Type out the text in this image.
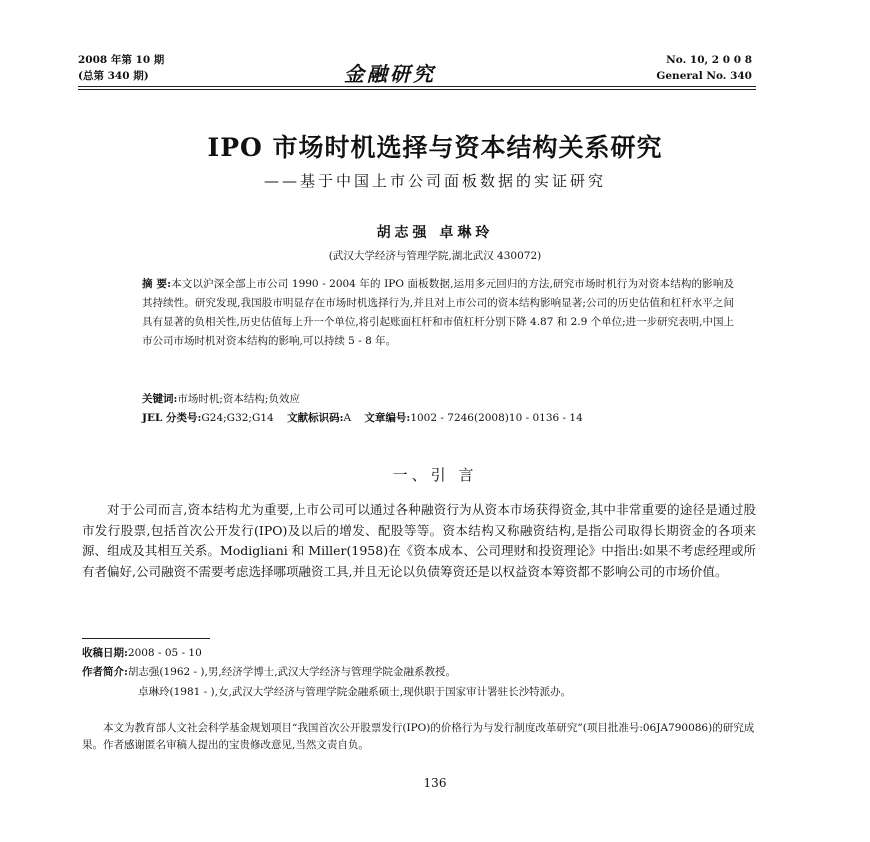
2008 年第 10 期
(总第 340 期)	金融研究
No. 10, 2 0 0 8
General No. 340
IPO 市场时机选择与资本结构关系研究
——基于中国上市公司面板数据的实证研究
胡志强 卓琳玲
(武汉大学经济与管理学院,湖北武汉 430072)
摘 要:本文以沪深全部上市公司 1990 - 2004 年的 IPO 面板数据,运用多元回归的方法,研究市场时机行为对资本结构的影响及其持续性。研究发现,我国股市明显存在市场时机选择行为,并且对上市公司的资本结构影响显著;公司的历史估值和杠杆水平之间具有显著的负相关性,历史估值每上升一个单位,将引起账面杠杆和市值杠杆分别下降 4.87 和 2.9 个单位;进一步研究表明,中国上市公司市场时机对资本结构的影响,可以持续 5 - 8 年。
关键词:市场时机;资本结构;负效应
JEL 分类号:G24;G32;G14 文献标识码:A 文章编号:1002 - 7246(2008)10 - 0136 - 14
一、引 言
对于公司而言,资本结构尤为重要,上市公司可以通过各种融资行为从资本市场获得资金,其中非常重要的途径是通过股市发行股票,包括首次公开发行(IPO)及以后的增发、配股等等。资本结构又称融资结构,是指公司取得长期资金的各项来源、组成及其相互关系。Modigliani 和 Miller(1958)在《资本成本、公司理财和投资理论》中指出:如果不考虑经理或所有者偏好,公司融资不需要考虑选择哪项融资工具,并且无论以负债筹资还是以权益资本筹资都不影响公司的市场价值。
收稿日期:2008 - 05 - 10
作者简介:胡志强(1962 - ),男,经济学博士,武汉大学经济与管理学院金融系教授。
卓琳玲(1981 - ),女,武汉大学经济与管理学院金融系硕士,现供职于国家审计署驻长沙特派办。
本文为教育部人文社会科学基金规划项目“我国首次公开股票发行(IPO)的价格行为与发行制度改革研究”(项目批准号:06JA790086)的研究成果。作者感谢匿名审稿人提出的宝贵修改意见,当然文责自负。
136
